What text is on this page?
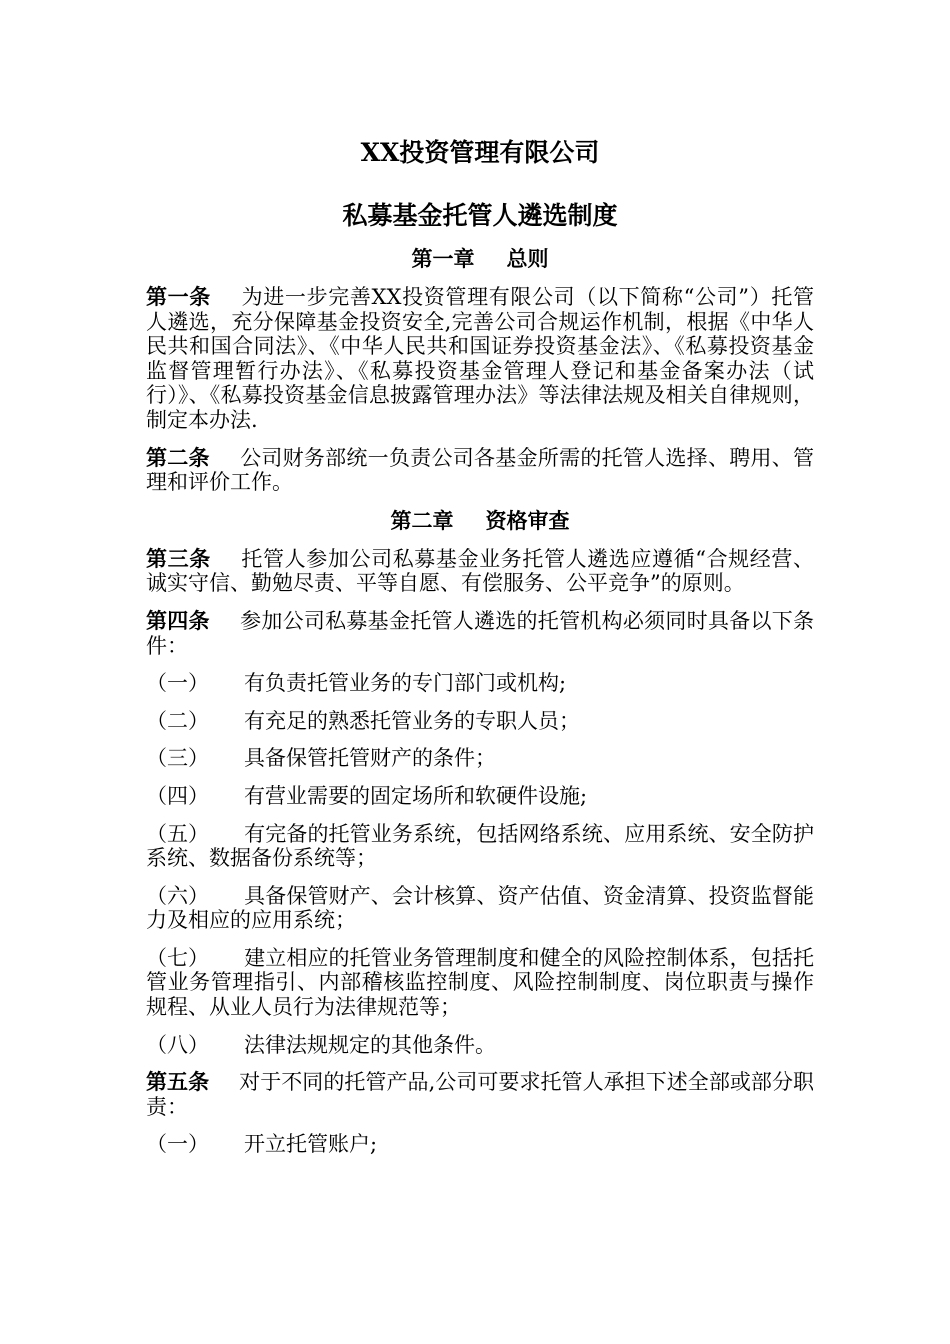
XX投资管理有限公司
私募基金托管人遴选制度
第一章 总则

第一条 为进一步完善XX投资管理有限公司（以下简称“公司”）托管人遴选，充分保障基金投资安全,完善公司合规运作机制，根据《中华人民共和国合同法》、《中华人民共和国证券投资基金法》、《私募投资基金监督管理暂行办法》、《私募投资基金管理人登记和基金备案办法（试行）》、《私募投资基金信息披露管理办法》等法律法规及相关自律规则，制定本办法.

第二条 公司财务部统一负责公司各基金所需的托管人选择、聘用、管理和评价工作。

第二章 资格审查

第三条 托管人参加公司私募基金业务托管人遴选应遵循“合规经营、诚实守信、勤勉尽责、平等自愿、有偿服务、公平竞争”的原则。

第四条 参加公司私募基金托管人遴选的托管机构必须同时具备以下条件：

（一） 有负责托管业务的专门部门或机构;

（二） 有充足的熟悉托管业务的专职人员；

（三） 具备保管托管财产的条件；

（四） 有营业需要的固定场所和软硬件设施;

（五） 有完备的托管业务系统，包括网络系统、应用系统、安全防护系统、数据备份系统等；

（六） 具备保管财产、会计核算、资产估值、资金清算、投资监督能力及相应的应用系统；

（七） 建立相应的托管业务管理制度和健全的风险控制体系，包括托管业务管理指引、内部稽核监控制度、风险控制制度、岗位职责与操作规程、从业人员行为法律规范等；

（八） 法律法规规定的其他条件。

第五条 对于不同的托管产品,公司可要求托管人承担下述全部或部分职责：

（一） 开立托管账户;
